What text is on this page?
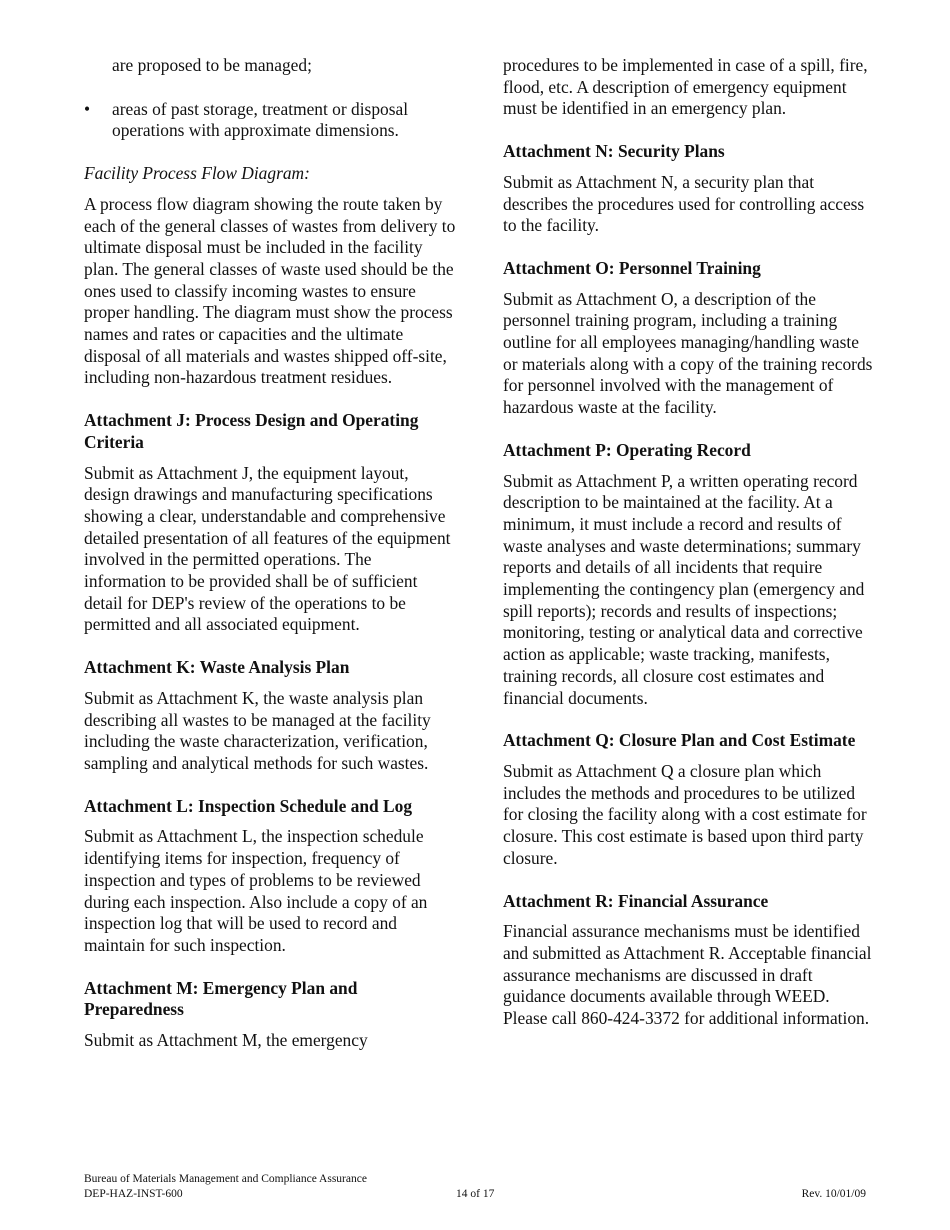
are proposed to be managed;

• areas of past storage, treatment or disposal operations with approximate dimensions.

Facility Process Flow Diagram:

A process flow diagram showing the route taken by each of the general classes of wastes from delivery to ultimate disposal must be included in the facility plan. The general classes of waste used should be the ones used to classify incoming wastes to ensure proper handling. The diagram must show the process names and rates or capacities and the ultimate disposal of all materials and wastes shipped off-site, including non-hazardous treatment residues.

Attachment J: Process Design and Operating Criteria

Submit as Attachment J, the equipment layout, design drawings and manufacturing specifications showing a clear, understandable and comprehensive detailed presentation of all features of the equipment involved in the permitted operations. The information to be provided shall be of sufficient detail for DEP's review of the operations to be permitted and all associated equipment.

Attachment K: Waste Analysis Plan

Submit as Attachment K, the waste analysis plan describing all wastes to be managed at the facility including the waste characterization, verification, sampling and analytical methods for such wastes.

Attachment L: Inspection Schedule and Log

Submit as Attachment L, the inspection schedule identifying items for inspection, frequency of inspection and types of problems to be reviewed during each inspection. Also include a copy of an inspection log that will be used to record and maintain for such inspection.

Attachment M: Emergency Plan and Preparedness

Submit as Attachment M, the emergency

procedures to be implemented in case of a spill, fire, flood, etc. A description of emergency equipment must be identified in an emergency plan.

Attachment N: Security Plans

Submit as Attachment N, a security plan that describes the procedures used for controlling access to the facility.

Attachment O: Personnel Training

Submit as Attachment O, a description of the personnel training program, including a training outline for all employees managing/handling waste or materials along with a copy of the training records for personnel involved with the management of hazardous waste at the facility.

Attachment P: Operating Record

Submit as Attachment P, a written operating record description to be maintained at the facility. At a minimum, it must include a record and results of waste analyses and waste determinations; summary reports and details of all incidents that require implementing the contingency plan (emergency and spill reports); records and results of inspections; monitoring, testing or analytical data and corrective action as applicable; waste tracking, manifests, training records, all closure cost estimates and financial documents.

Attachment Q: Closure Plan and Cost Estimate

Submit as Attachment Q a closure plan which includes the methods and procedures to be utilized for closing the facility along with a cost estimate for closure. This cost estimate is based upon third party closure.

Attachment R: Financial Assurance

Financial assurance mechanisms must be identified and submitted as Attachment R. Acceptable financial assurance mechanisms are discussed in draft guidance documents available through WEED. Please call 860-424-3372 for additional information.

Bureau of Materials Management and Compliance Assurance
DEP-HAZ-INST-600	Rev. 10/01/09
14 of 17
